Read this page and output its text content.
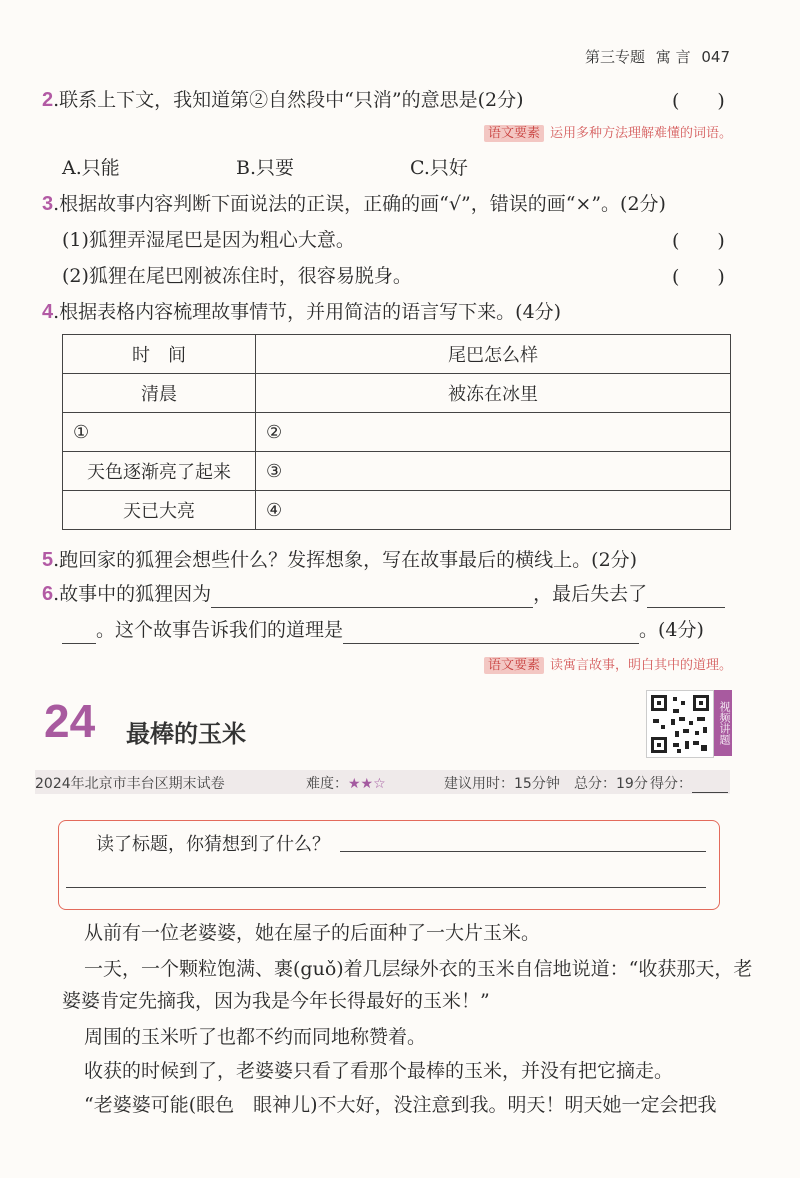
第三专题 寓 言 047
2.联系上下文，我知道第②自然段中“只消”的意思是(2分)	(　　)
语文要素 运用多种方法理解难懂的词语。
A.只能	B.只要	C.只好
3.根据故事内容判断下面说法的正误，正确的画“√”，错误的画“×”。(2分)
(1)狐狸弄湿尾巴是因为粗心大意。	(　　)
(2)狐狸在尾巴刚被冻住时，很容易脱身。	(　　)
4.根据表格内容梳理故事情节，并用简洁的语言写下来。(4分)
时　间	尾巴怎么样
清晨	被冻在冰里
①	②
天色逐渐亮了起来	③
天已大亮	④
5.跑回家的狐狸会想些什么？发挥想象，写在故事最后的横线上。(2分)
6.故事中的狐狸因为	，最后失去了
。这个故事告诉我们的道理是	。(4分)
语文要素 读寓言故事，明白其中的道理。
24 最棒的玉米	视频讲题
2024年北京市丰台区期末试卷	难度：★★☆	建议用时：15分钟 总分：19分 得分：
读了标题，你猜想到了什么？
从前有一位老婆婆，她在屋子的后面种了一大片玉米。
一天，一个颗粒饱满、裹(guǒ)着几层绿外衣的玉米自信地说道：“收获那天，老
婆婆肯定先摘我，因为我是今年长得最好的玉米！”
周围的玉米听了也都不约而同地称赞着。
收获的时候到了，老婆婆只看了看那个最棒的玉米，并没有把它摘走。
“老婆婆可能(眼色　眼神儿)不大好，没注意到我。明天！明天她一定会把我
